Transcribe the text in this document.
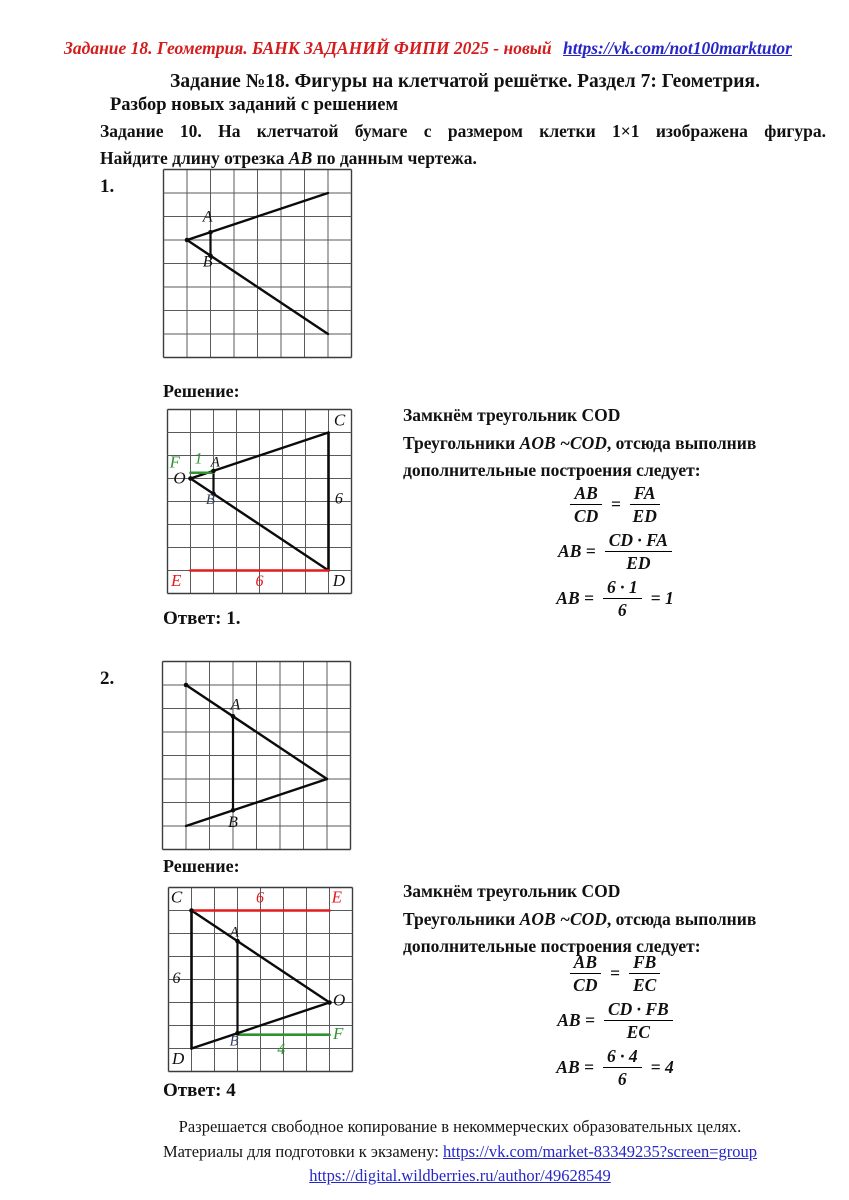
Задание 18. Геометрия. БАНК ЗАДАНИЙ ФИПИ 2025 - новый https://vk.com/not100marktutor
Задание №18. Фигуры на клетчатой решётке. Раздел 7: Геометрия.
Разбор новых заданий с решением
Задание 10. На клетчатой бумаге с размером клетки 1×1 изображена фигура.
Найдите длину отрезка AB по данным чертежа.
1.
A
B
Решение:
C
F 1 A
O
B	6
E	6	D
Замкнём треугольник COD
Треугольники AOB ~COD, отсюда выполнив
дополнительные построения следует:
$\frac{AB}{CD} = \frac{FA}{ED}$
AB = $\frac{CD \cdot FA}{ED}$
AB = $\frac{6 \cdot 1}{6} = 1$
Ответ: 1.
2.
A
B
Решение:
C	6	E
A
6
O
F
B 4
D
Замкнём треугольник COD
Треугольники AOB ~COD, отсюда выполнив
дополнительные построения следует:
$\frac{AB}{CD} = \frac{FB}{EC}$
AB = $\frac{CD \cdot FB}{EC}$
AB = $\frac{6 \cdot 4}{6} = 4$
Ответ: 4
Разрешается свободное копирование в некоммерческих образовательных целях.
Материалы для подготовки к экзамену: https://vk.com/market-83349235?screen=group
https://digital.wildberries.ru/author/49628549
